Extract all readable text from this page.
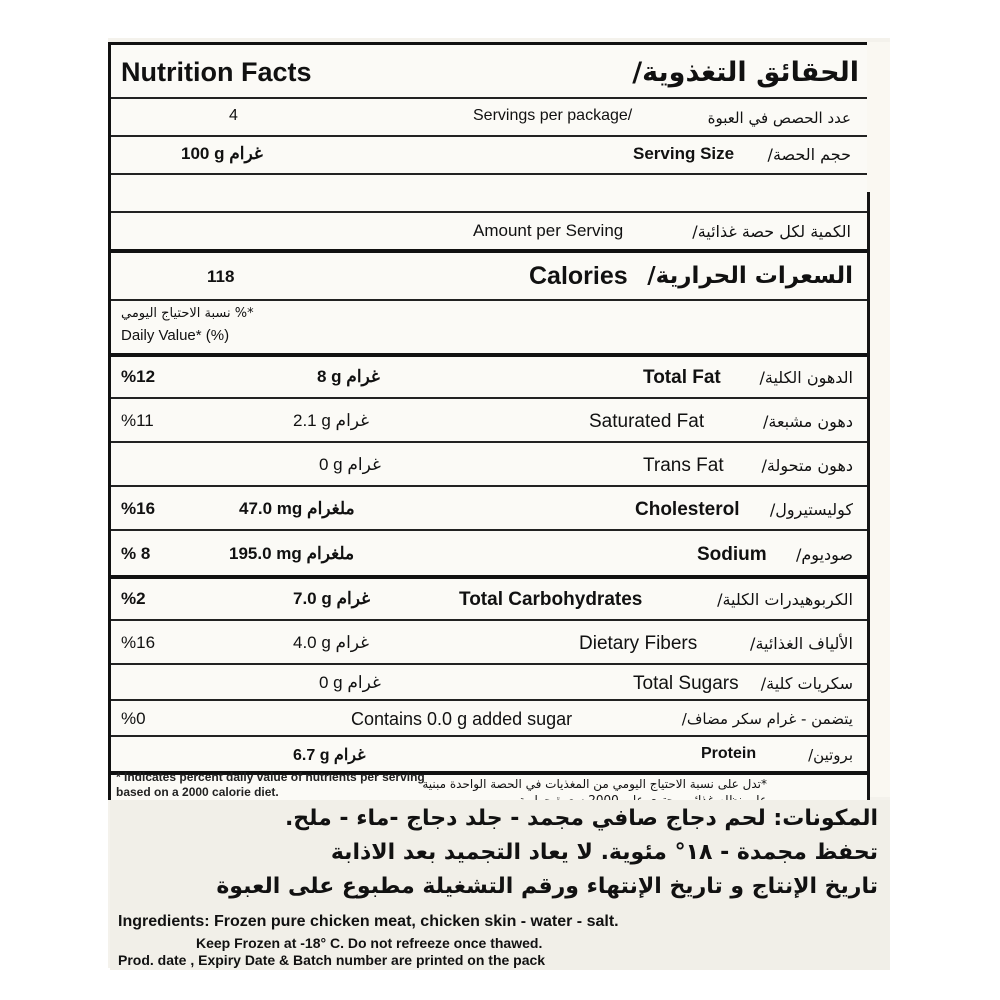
Nutrition Facts	الحقائق التغذوية/
4	Servings per package/	عدد الحصص في العبوة
100 g غرام	Serving Size حجم الحصة/
Amount per Serving	الكمية لكل حصة غذائية/
118	Calories السعرات الحرارية/
نسبة الاحتياج اليومي %*
Daily Value* (%)
%12	8 g غرام	Total Fat الدهون الكلية/
%11	2.1 g غرام	Saturated Fat	دهون مشبعة/
0 g غرام	Trans Fat دهون متحولة/
%16	47.0 mg ملغرام	Cholesterol كوليستيرول/
% 8	195.0 mg ملغرام	Sodium صوديوم/
%2	7.0 g غرام	Total Carbohydrates	الكربوهيدرات الكلية/
%16	4.0 g غرام	Dietary Fibers	الألياف الغذائية/
0 g غرام	Total Sugars سكريات كلية/
%0	Contains 0.0 g added sugar	يتضمن - غرام سكر مضاف/
6.7 g غرام	Protein	بروتين/
*تدل على نسبة الاحتياج اليومي من المغذيات في الحصة الواحدة مبنية
* Indicates percent daily value of nutrients per serving
based on a 2000 calorie diet.
المكونات: لحم دجاج صافي مجمد - جلد دجاج -ماء - ملح.
تحفظ مجمدة - ١٨° مئوية. لا يعاد التجميد بعد الاذابة
تاريخ الإنتاج و تاريخ الإنتهاء ورقم التشغيلة مطبوع على العبوة
Ingredients: Frozen pure chicken meat, chicken skin - water - salt.
Keep Frozen at -18° C. Do not refreeze once thawed.
Prod. date , Expiry Date & Batch number are printed on the pack
